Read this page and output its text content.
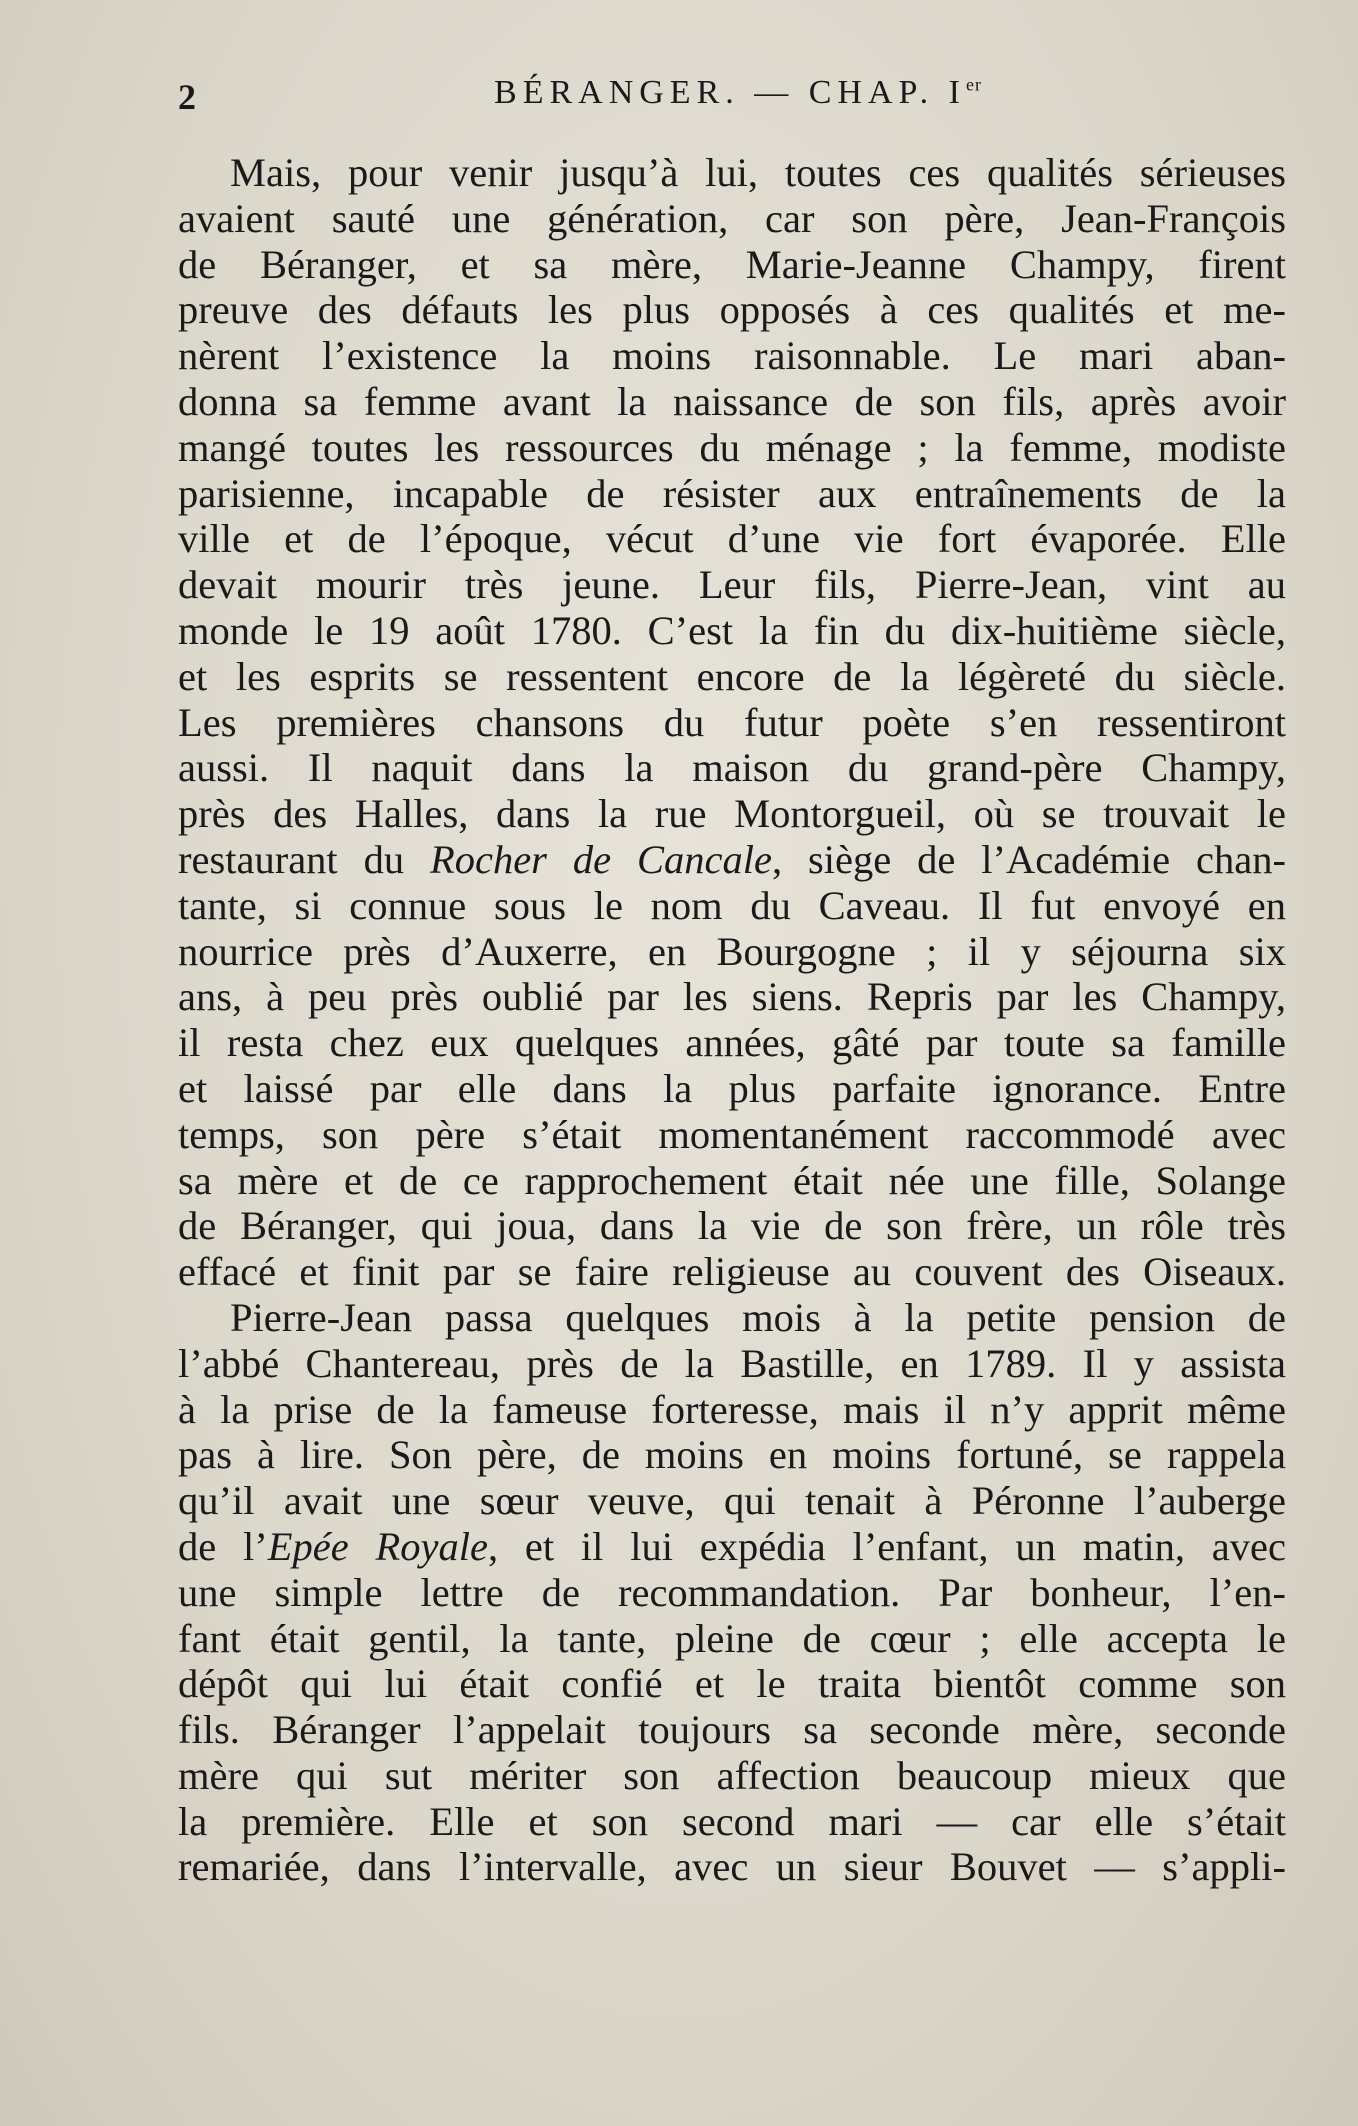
2	BÉRANGER. — CHAP. Ier
Mais, pour venir jusqu’à lui, toutes ces qualités sérieuses
avaient sauté une génération, car son père, Jean-François
de Béranger, et sa mère, Marie-Jeanne Champy, firent
preuve des défauts les plus opposés à ces qualités et me-
nèrent l’existence la moins raisonnable. Le mari aban-
donna sa femme avant la naissance de son fils, après avoir
mangé toutes les ressources du ménage ; la femme, modiste
parisienne, incapable de résister aux entraînements de la
ville et de l’époque, vécut d’une vie fort évaporée. Elle
devait mourir très jeune. Leur fils, Pierre-Jean, vint au
monde le 19 août 1780. C’est la fin du dix-huitième siècle,
et les esprits se ressentent encore de la légèreté du siècle.
Les premières chansons du futur poète s’en ressentiront
aussi. Il naquit dans la maison du grand-père Champy,
près des Halles, dans la rue Montorgueil, où se trouvait le
restaurant du Rocher de Cancale, siège de l’Académie chan-
tante, si connue sous le nom du Caveau. Il fut envoyé en
nourrice près d’Auxerre, en Bourgogne ; il y séjourna six
ans, à peu près oublié par les siens. Repris par les Champy,
il resta chez eux quelques années, gâté par toute sa famille
et laissé par elle dans la plus parfaite ignorance. Entre
temps, son père s’était momentanément raccommodé avec
sa mère et de ce rapprochement était née une fille, Solange
de Béranger, qui joua, dans la vie de son frère, un rôle très
effacé et finit par se faire religieuse au couvent des Oiseaux.
Pierre-Jean passa quelques mois à la petite pension de
l’abbé Chantereau, près de la Bastille, en 1789. Il y assista
à la prise de la fameuse forteresse, mais il n’y apprit même
pas à lire. Son père, de moins en moins fortuné, se rappela
qu’il avait une sœur veuve, qui tenait à Péronne l’auberge
de l’Epée Royale, et il lui expédia l’enfant, un matin, avec
une simple lettre de recommandation. Par bonheur, l’en-
fant était gentil, la tante, pleine de cœur ; elle accepta le
dépôt qui lui était confié et le traita bientôt comme son
fils. Béranger l’appelait toujours sa seconde mère, seconde
mère qui sut mériter son affection beaucoup mieux que
la première. Elle et son second mari — car elle s’était
remariée, dans l’intervalle, avec un sieur Bouvet — s’appli-
